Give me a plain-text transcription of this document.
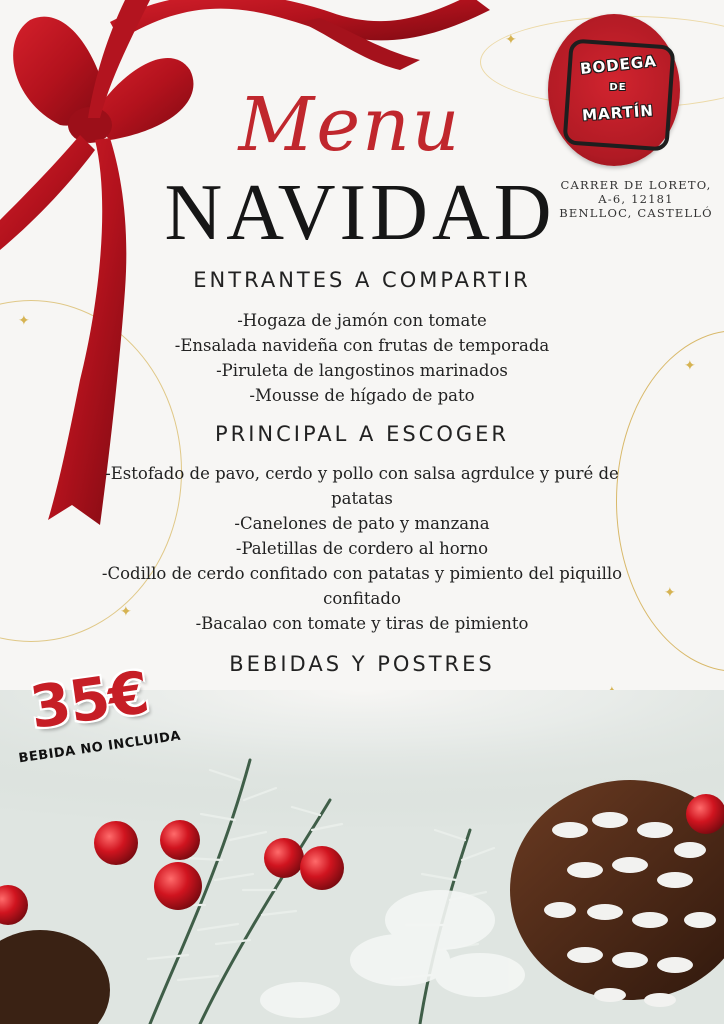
✦
✦
✦
✦
✦
BODEGA
DE
MARTÍN
CARRER DE LORETO,
A-6, 12181
BENLLOC, CASTELLÓ
Menu
NAVIDAD
ENTRANTES A COMPARTIR
-Hogaza de jamón con tomate
-Ensalada navideña con frutas de temporada
-Piruleta de langostinos marinados
-Mousse de hígado de pato
PRINCIPAL A ESCOGER
-Estofado de pavo, cerdo y pollo con salsa agrdulce y puré de patatas
-Canelones de pato y manzana
-Paletillas de cordero al horno
-Codillo de cerdo confitado con patatas y pimiento del piquillo confitado
-Bacalao con tomate y tiras de pimiento
BEBIDAS Y POSTRES
35€
BEBIDA NO INCLUIDA
